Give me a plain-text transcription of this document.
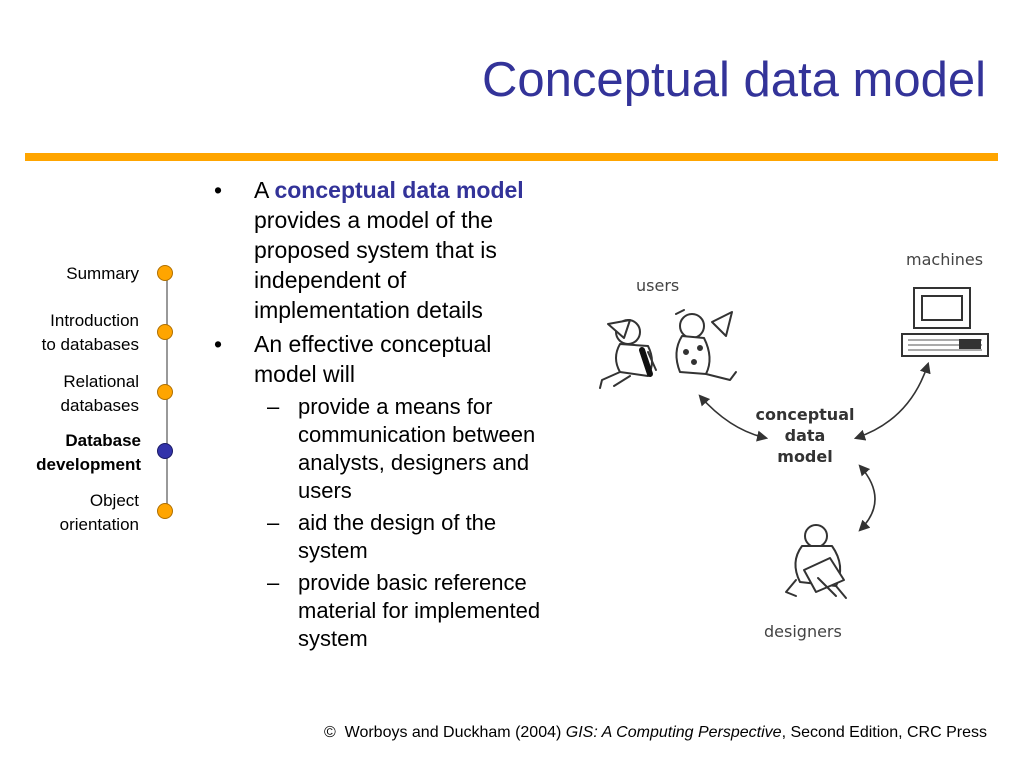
Conceptual data model
Summary
Introduction
to databases
Relational
databases
Database
development
Object
orientation
• A conceptual data model provides a model of the proposed system that is independent of implementation details
• An effective conceptual model will
– provide a means for communication between analysts, designers and users
– aid the design of the system
– provide basic reference material for implemented system
users
machines
designers
conceptual
data
model
© Worboys and Duckham (2004) GIS: A Computing Perspective, Second Edition, CRC Press
